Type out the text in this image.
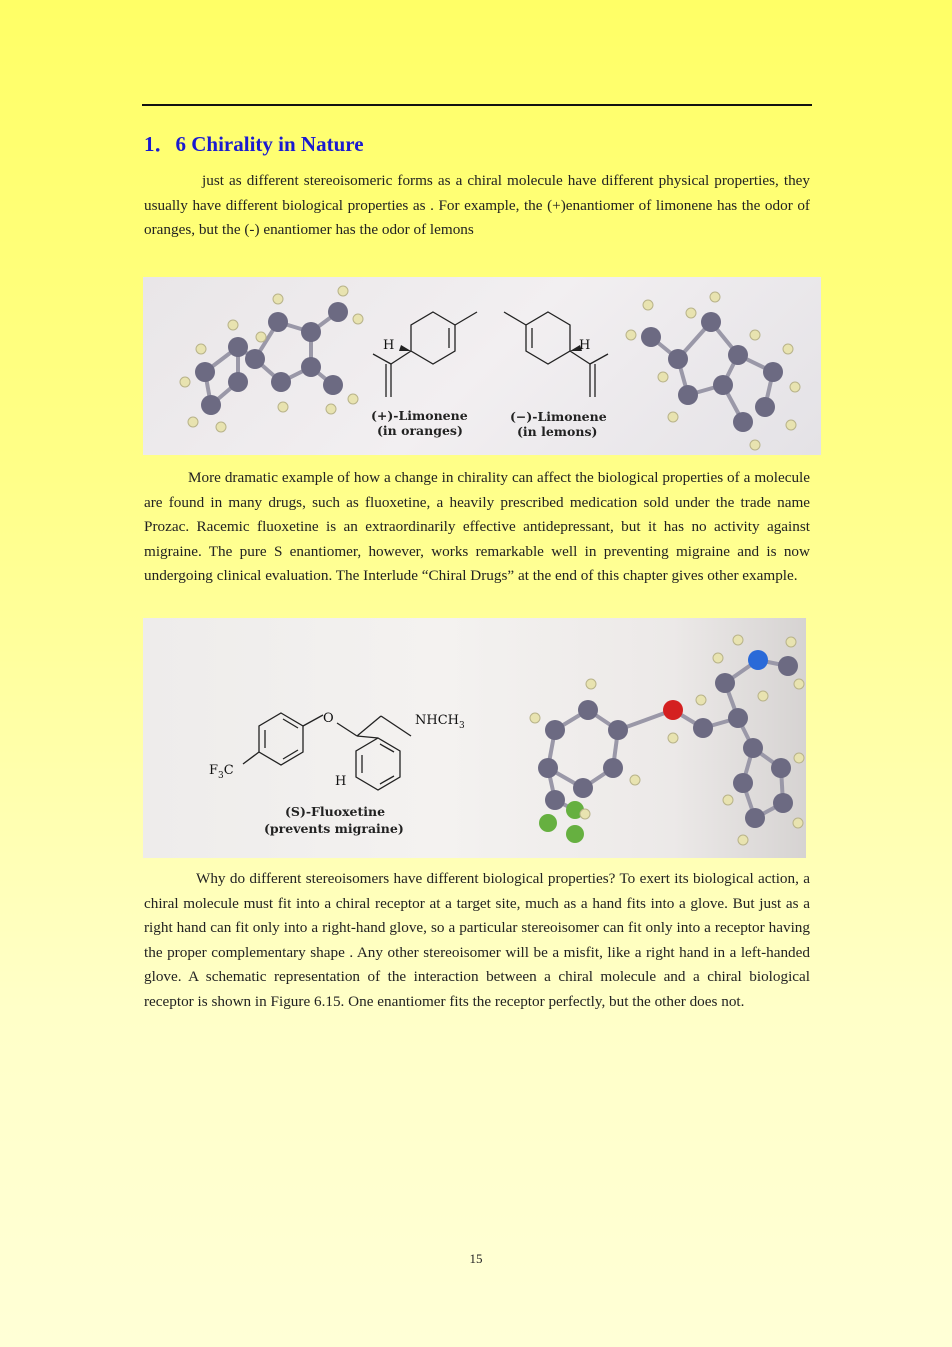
1．6 Chirality in Nature

just as different stereoisomeric forms as a chiral molecule have different physical properties, they usually have different biological properties as . For example, the (+)enantiomer of limonene has the odor of oranges, but the (-) enantiomer has the odor of lemons

H	H
(+)-Limonene
(in oranges)
(−)-Limonene
(in lemons)

More dramatic example of how a change in chirality can affect the biological properties of a molecule are found in many drugs, such as fluoxetine, a heavily prescribed medication sold under the trade name Prozac. Racemic fluoxetine is an extraordinarily effective antidepressant, but it has no activity against migraine. The pure S enantiomer, however, works remarkable well in preventing migraine and is now undergoing clinical evaluation. The Interlude “Chiral Drugs” at the end of this chapter gives other example.

O
H
$NHCH_3$
$F_3C$
(S)-Fluoxetine
(prevents migraine)

Why do different stereoisomers have different biological properties? To exert its biological action, a chiral molecule must fit into a chiral receptor at a target site, much as a hand fits into a glove. But just as a right hand can fit only into a right-hand glove, so a particular stereoisomer can fit only into a receptor having the proper complementary shape . Any other stereoisomer will be a misfit, like a right hand in a left-handed glove. A schematic representation of the interaction between a chiral molecule and a chiral biological receptor is shown in Figure 6.15. One enantiomer fits the receptor perfectly, but the other does not.

15
